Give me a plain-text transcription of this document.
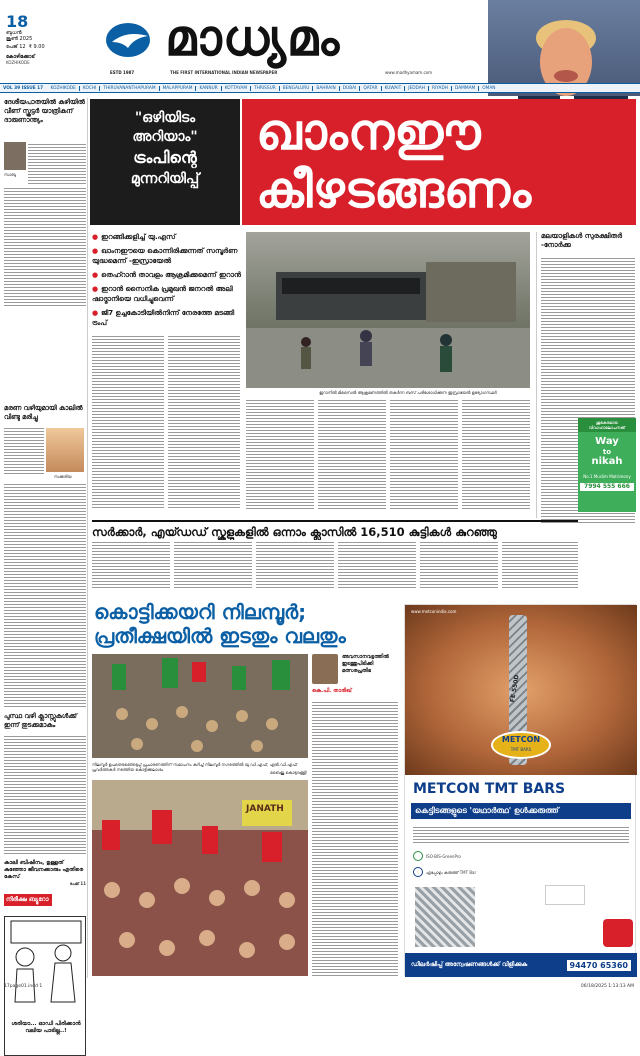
18
ബുധൻ
ജൂൺ 2025
പേജ് 12 ₹ 9.00
കോഴിക്കോട്
KOZHIKODE
ESTD 1987
മാധ്യമം
THE FIRST INTERNATIONAL INDIAN NEWSPAPER	www.madhyamam.com
VOL 39 ISSUE 17 KOZHIKODE KOCHI THIRUVANANTHAPURAM MALAPPURAM KANNUR KOTTAYAM THRISSUR BENGALURU BAHRAIN DUBAI QATAR KUWAIT JEDDAH RIYADH DAMMAM OMAN
ദേശീയപാതയിൽ കുഴിയിൽ വീണ് സ്കൂട്ടർ യാത്രികന് ദാരുണാന്ത്യം
സാബു
മരണ വഴിയുമായി കാലിൽ വിണ്ടു മരിച്ചു
സക്കരിയ
പുസ്ഥ വഴി ക്ലാസ്സുകൾക്ക് ഇന്ന് തുടക്കമാകും
കാലി ബിഷിനം, ഉള്ളത് കുഞ്ഞോ ജീവനക്കാരും എതിരെ കേസ്
പേജ് 11
നിരീക്ഷ ബ്യൂറോ
ശരിയാ... ഓഡി പിരിക്കാൻ വലിയ പാടില്ല..!
"ഒഴിയിടം
അറിയാം"
ട്രംപിന്റെ
മുന്നറിയിപ്പ്
ഖാംനഈ
കീഴടങ്ങണം
● ഇറങ്ങിക്കളിച്ച് യു.എസ്
● ഖാംനഈയെ കൊന്നിരിക്കുന്നത് സമ്പൂർണ യുദ്ധമെന്ന് -ഇസ്രായേൽ
● തെഹ്റാൻ താവളം ആക്രമിക്കുമെന്ന് ഇറാൻ
● ഇറാൻ സൈനിക പ്രമുഖൻ ജനറൽ അലി ഷാദ്മാനിയെ വധിച്ചുവെന്ന്
● ജി7 ഉച്ചകോടിയിൽനിന്ന് നേരത്തേ മടങ്ങി ട്രംപ്
ഇറാനിൽ മിസൈൽ ആക്രമണത്തിൽ തകർന്ന ബസ് പരിശോധിക്കുന്ന ഇസ്രായേൽ ഉദ്യോഗസ്ഥർ
മലയാളികൾ സുരക്ഷിതർ -നോർക്ക
ശുഭകരമായ വിവാഹാലോചനക്ക്
Way
to
nikah
No.1 Muslim Matrimony
7994 555 666
സർക്കാർ, എയ്ഡഡ് സ്കൂളുകളിൽ ഒന്നാം ക്ലാസിൽ 16,510 കുട്ടികൾ കുറഞ്ഞു
കൊട്ടിക്കയറി നിലമ്പൂർ;
പ്രതീക്ഷയിൽ ഇടതും വലതും
നിലമ്പൂർ ഉപതെരഞ്ഞെടുപ്പ് പ്രചാരണത്തിന് സമാപനം കുറിച്ച് നിലമ്പൂർ നഗരത്തിൽ യു.ഡി.എഫ്, എൽ.ഡി.എഫ് പ്രവർത്തകർ നടത്തിയ കൊട്ടിക്കലാശം
ബൈജു കൊടുവള്ളി
JANATH
അവസാനവട്ടത്തിൽ ഇടത്തുപിടിക്കി മത്സരപ്രതിഭ
കെ.പി. താരിഖ്
www.metconindia.com
FE 550D
METCON
TMT BARS
METCON TMT BARS
കെട്ടിടങ്ങളുടെ 'യഥാർത്ഥ' ഉൾക്കരുത്ത്
ISO-BIS-GreenPro
എപ്പോഴും കരുത്ത് TMT Bar
ഡീലർഷിപ്പ് അന്വേഷണങ്ങൾക്ക് വിളിക്കുക	94470 65360
17page01.indd 1	06/18/2025 1:13:13 AM
